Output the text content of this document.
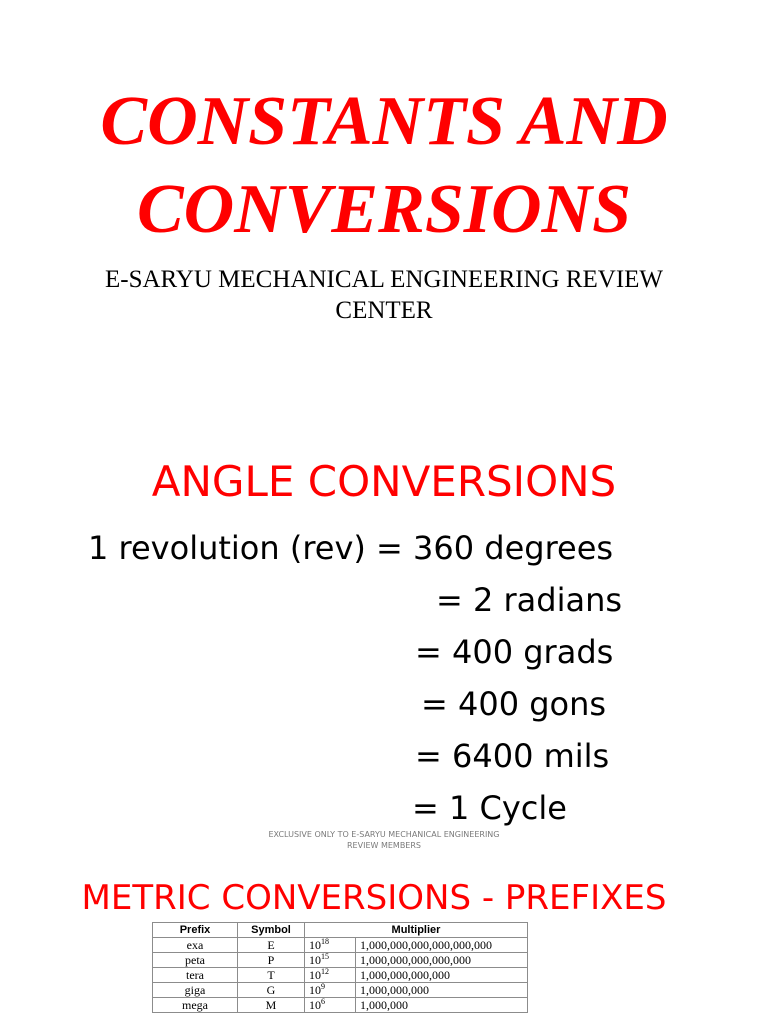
CONSTANTS AND
CONVERSIONS
E-SARYU MECHANICAL ENGINEERING REVIEW
CENTER
ANGLE CONVERSIONS
1 revolution (rev) = 360 degrees
= 2 radians
= 400 grads
= 400 gons
= 6400 mils
= 1 Cycle
EXCLUSIVE ONLY TO E-SARYU MECHANICAL ENGINEERING
REVIEW MEMBERS
METRIC CONVERSIONS - PREFIXES
Prefix	Symbol	Multiplier	
exa	E	$10^{18}$	1,000,000,000,000,000,000
peta	P	$10^{15}$	1,000,000,000,000,000
tera	T	$10^{12}$	1,000,000,000,000
giga	G	$10^9$	1,000,000,000
mega	M	$10^6$	1,000,000
